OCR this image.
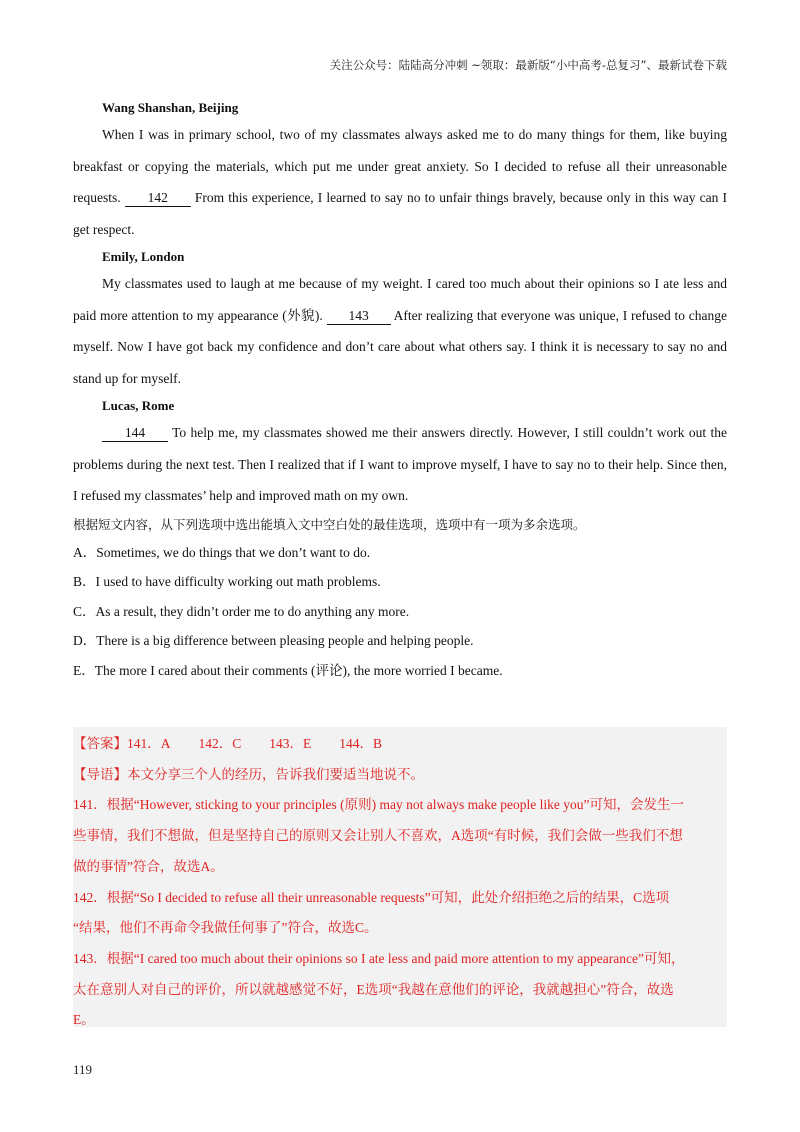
关注公众号：陆陆高分冲刺 ~领取：最新版“小中高考-总复习”、最新试卷下载
Wang Shanshan, Beijing

When I was in primary school, two of my classmates always asked me to do many things for them, like buying breakfast or copying the materials, which put me under great anxiety. So I decided to refuse all their unreasonable requests. 142 From this experience, I learned to say no to unfair things bravely, because only in this way can I get respect.

Emily, London

My classmates used to laugh at me because of my weight. I cared too much about their opinions so I ate less and paid more attention to my appearance (外貌). 143 After realizing that everyone was unique, I refused to change myself. Now I have got back my confidence and don’t care about what others say. I think it is necessary to say no and stand up for myself.

Lucas, Rome

144 To help me, my classmates showed me their answers directly. However, I still couldn’t work out the problems during the next test. Then I realized that if I want to improve myself, I have to say no to their help. Since then, I refused my classmates’ help and improved math on my own.

根据短文内容，从下列选项中选出能填入文中空白处的最佳选项，选项中有一项为多余选项。
A．Sometimes, we do things that we don’t want to do.
B．I used to have difficulty working out math problems.
C．As a result, they didn’t order me to do anything any more.
D．There is a big difference between pleasing people and helping people.
E．The more I cared about their comments (评论), the more worried I became.
【答案】141．A 142．C 143．E 144．B
【导语】本文分享三个人的经历，告诉我们要适当地说不。
141．根据“However, sticking to your principles (原则) may not always make people like you”可知，会发生一
些事情，我们不想做，但是坚持自己的原则又会让别人不喜欢，A选项“有时候，我们会做一些我们不想
做的事情”符合，故选A。
142．根据“So I decided to refuse all their unreasonable requests”可知，此处介绍拒绝之后的结果，C选项
“结果，他们不再命令我做任何事了”符合，故选C。
143．根据“I cared too much about their opinions so I ate less and paid more attention to my appearance”可知，
太在意别人对自己的评价，所以就越感觉不好，E选项“我越在意他们的评论，我就越担心”符合，故选
E。
119
